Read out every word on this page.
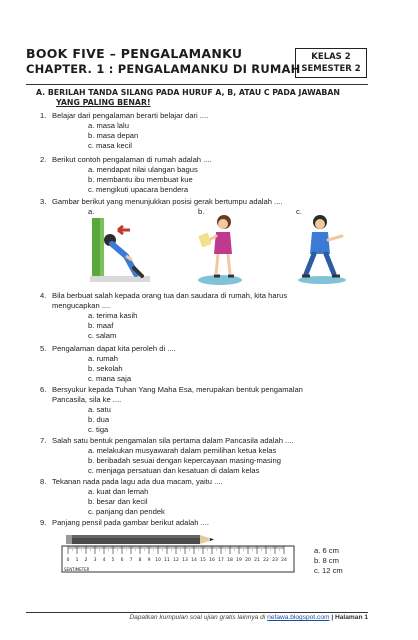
BOOK FIVE – PENGALAMANKU
CHAPTER. 1 : PENGALAMANKU DI RUMAH
KELAS 2
SEMESTER 2
A. BERILAH TANDA SILANG PADA HURUF A, B, ATAU C PADA JAWABAN
YANG PALING BENAR!
1. Belajar dari pengalaman berarti belajar dari ....
a. masa lalu
b. masa depan
c. masa kecil
2. Berikut contoh pengalaman di rumah adalah ....
a. mendapat nilai ulangan bagus
b. membantu ibu membuat kue
c. mengikuti upacara bendera
3. Gambar berikut yang menunjukkan posisi gerak bertumpu adalah ....
a.	b.	c.
4. Bila berbuat salah kepada orang tua dan saudara di rumah, kita harus
mengucapkan ....
a. terima kasih
b. maaf
c. salam
5. Pengalaman dapat kita peroleh di ....
a. rumah
b. sekolah
c. mana saja
6. Bersyukur kepada Tuhan Yang Maha Esa, merupakan bentuk pengamalan
Pancasila, sila ke ....
a. satu
b. dua
c. tiga
7. Salah satu bentuk pengamalan sila pertama dalam Pancasila adalah ....
a. melakukan musyawarah dalam pemilihan ketua kelas
b. beribadah sesuai dengan kepercayaan masing-masing
c. menjaga persatuan dan kesatuan di dalam kelas
8. Tekanan nada pada lagu ada dua macam, yaitu ....
a. kuat dan lemah
b. besar dan kecil
c. panjang dan pendek
9. Panjang pensil pada gambar berikut adalah ....
0 1 2 3 4 5 6 7 8 9 10 11 12 13 14 15 16 17 18 19 20 21 22 23 24
SENTIMETER
a. 6 cm
b. 8 cm
c. 12 cm
Dapatkan kumpulan soal ujian gratis lainnya di riefawa.blogspot.com | Halaman 1
